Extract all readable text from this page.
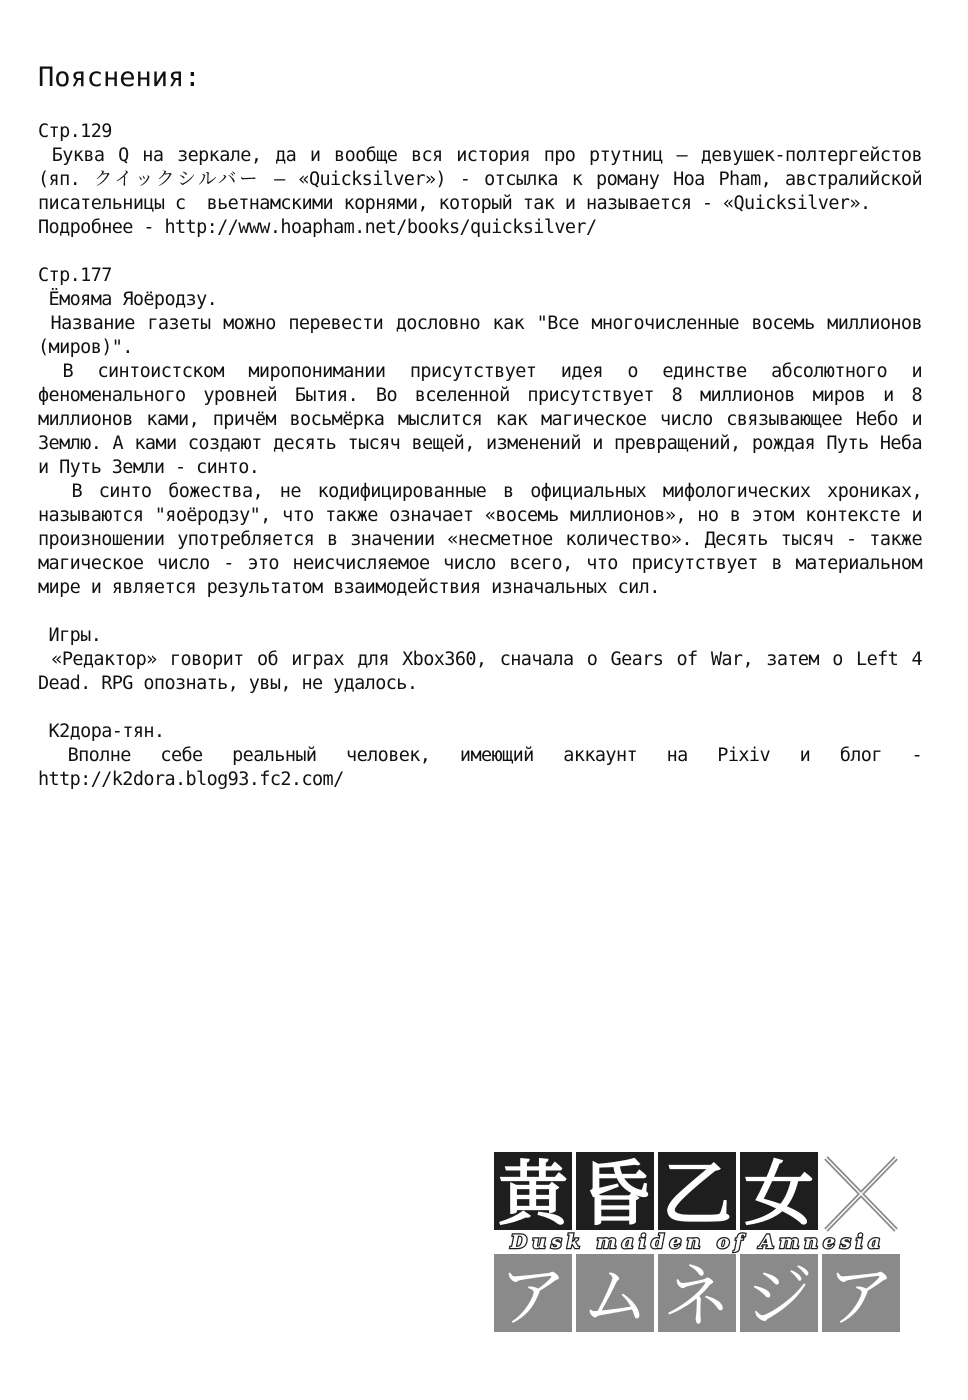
Пояснения:
Стр.129

Буква Q на зеркале, да и вообще вся история про ртутниц – девушек-полтергейстов (яп. クイックシルバー – «Quicksilver») - отсылка к роману Ноа Pham, австралийской писательницы с  вьетнамскими корнями, который так и называется - «Quicksilver».

Подробнее - http://www.hoapham.net/books/quicksilver/

Стр.177

Ёмояма Яоёродзу.

Название газеты можно перевести дословно как "Все многочисленные восемь миллионов (миров)".

В синтоистском миропонимании присутствует идея о единстве абсолютного и феноменального уровней Бытия. Во вселенной присутствует 8 миллионов миров и 8 миллионов ками, причём восьмёрка мыслится как магическое число связывающее Небо и Землю. А ками создают десять тысяч вещей, изменений и превращений, рождая Путь Неба и Путь Земли - синто.

В синто божества, не кодифицированные в официальных мифологических хрониках, называются "яоёродзу", что также означает «восемь миллионов», но в этом контексте и произношении употребляется в значении «несметное количество». Десять тысяч - также магическое число - это неисчисляемое число всего, что присутствует в материальном мире и является результатом взаимодействия изначальных сил.

Игры.

«Редактор» говорит об играх для Xbox360, сначала о Gears of War, затем о Left 4 Dead. RPG опознать, увы, не удалось.

K2дора-тян.

Вполне себе реальный человек, имеющий аккаунт на Pixiv и блог - http://k2dora.blog93.fc2.com/

黄 昏 乙 女
Dusk maiden of Amnesia
ア ム ネ ジ ア
